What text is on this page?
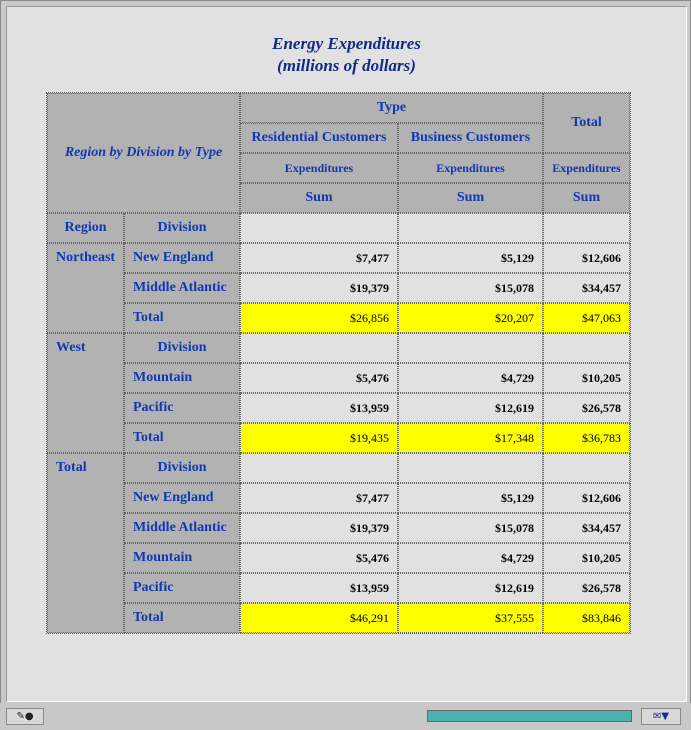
Energy Expenditures
(millions of dollars)
Region by Division by Type		Type		Total
		Residential Customers	Business Customers	
		Expenditures	Expenditures	Expenditures
		Sum	Sum	Sum
Region	Division			
Northeast	New England	$7,477	$5,129	$12,606
	Middle Atlantic	$19,379	$15,078	$34,457
	Total	$26,856	$20,207	$47,063
West	Division			
	Mountain	$5,476	$4,729	$10,205
	Pacific	$13,959	$12,619	$26,578
	Total	$19,435	$17,348	$36,783
Total	Division			
	New England	$7,477	$5,129	$12,606
	Middle Atlantic	$19,379	$15,078	$34,457
	Mountain	$5,476	$4,729	$10,205
	Pacific	$13,959	$12,619	$26,578
	Total	$46,291	$37,555	$83,846
✎●	✉▼
